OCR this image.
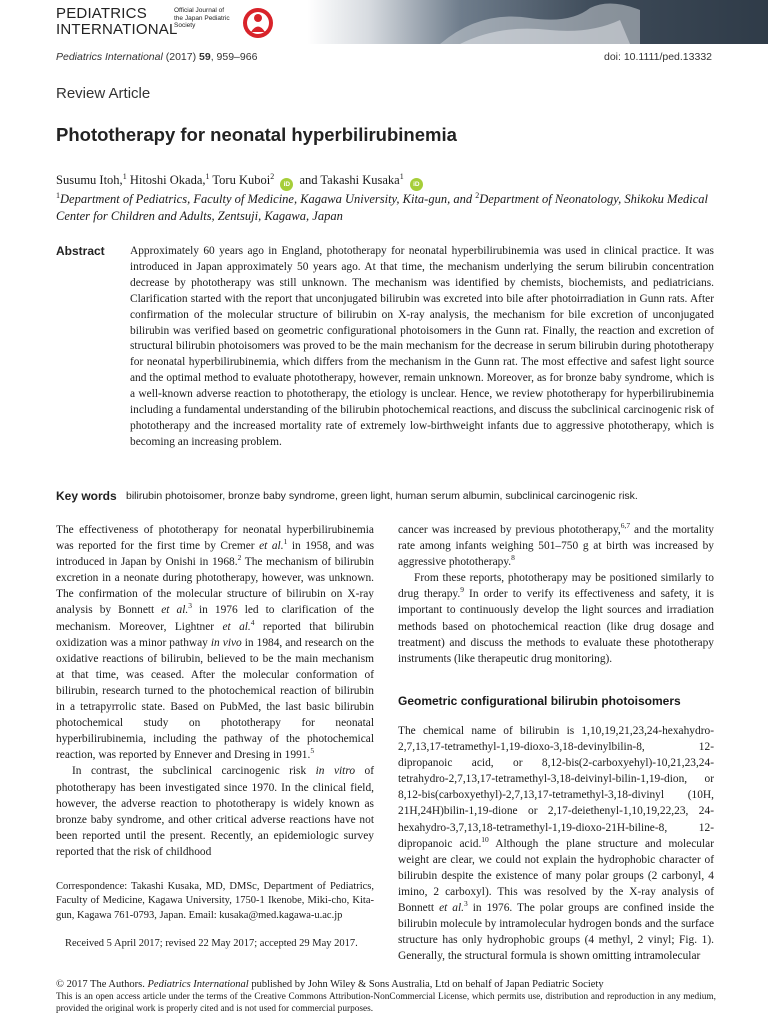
PEDIATRICS
INTERNATIONAL
Official Journal of the Japan Pediatric Society
Pediatrics International (2017) 59, 959–966	doi: 10.1111/ped.13332
Review Article
Phototherapy for neonatal hyperbilirubinemia
Susumu Itoh,$^1$ Hitoshi Okada,$^1$ Toru Kuboi$^2$ iD and Takashi Kusaka$^1$ iD
$^1$Department of Pediatrics, Faculty of Medicine, Kagawa University, Kita-gun, and $^2$Department of Neonatology, Shikoku Medical Center for Children and Adults, Zentsuji, Kagawa, Japan
Abstract Approximately 60 years ago in England, phototherapy for neonatal hyperbilirubinemia was used in clinical practice. It was introduced in Japan approximately 50 years ago. At that time, the mechanism underlying the serum bilirubin concentration decrease by phototherapy was still unknown. The mechanism was identified by chemists, biochemists, and pediatricians. Clarification started with the report that unconjugated bilirubin was excreted into bile after photoirradiation in Gunn rats. After confirmation of the molecular structure of bilirubin on X-ray analysis, the mechanism for bile excretion of unconjugated bilirubin was verified based on geometric configurational photoisomers in the Gunn rat. Finally, the reaction and excretion of structural bilirubin photoisomers was proved to be the main mechanism for the decrease in serum bilirubin during phototherapy for neonatal hyperbilirubinemia, which differs from the mechanism in the Gunn rat. The most effective and safest light source and the optimal method to evaluate phototherapy, however, remain unknown. Moreover, as for bronze baby syndrome, which is a well-known adverse reaction to phototherapy, the etiology is unclear. Hence, we review phototherapy for hyperbilirubinemia including a fundamental understanding of the bilirubin photochemical reactions, and discuss the subclinical carcinogenic risk of phototherapy and the increased mortality rate of extremely low-birthweight infants due to aggressive phototherapy, which is becoming an increasing problem.
Key words bilirubin photoisomer, bronze baby syndrome, green light, human serum albumin, subclinical carcinogenic risk.

The effectiveness of phototherapy for neonatal hyperbilirubinemia was reported for the first time by Cremer et al.$^1$ in 1958, and was introduced in Japan by Onishi in 1968.$^2$ The mechanism of bilirubin excretion in a neonate during phototherapy, however, was unknown. The confirmation of the molecular structure of bilirubin on X-ray analysis by Bonnett et al.$^3$ in 1976 led to clarification of the mechanism. Moreover, Lightner et al.$^4$ reported that bilirubin oxidization was a minor pathway in vivo in 1984, and research on the oxidative reactions of bilirubin, believed to be the main mechanism at that time, was ceased. After the molecular conformation of bilirubin, research turned to the photochemical reaction of bilirubin in a tetrapyrrolic state. Based on PubMed, the last basic bilirubin photochemical study on phototherapy for neonatal hyperbilirubinemia, including the pathway of the photochemical reaction, was reported by Ennever and Dresing in 1991.$^5$

In contrast, the subclinical carcinogenic risk in vitro of phototherapy has been investigated since 1970. In the clinical field, however, the adverse reaction to phototherapy is widely known as bronze baby syndrome, and other critical adverse reactions have not been reported until the present. Recently, an epidemiologic survey reported that the risk of childhood

Correspondence: Takashi Kusaka, MD, DMSc, Department of Pediatrics, Faculty of Medicine, Kagawa University, 1750-1 Ikenobe, Miki-cho, Kita-gun, Kagawa 761-0793, Japan. Email: kusaka@med.kagawa-u.ac.jp
Received 5 April 2017; revised 22 May 2017; accepted 29 May 2017.

cancer was increased by previous phototherapy,$^{6,7}$ and the mortality rate among infants weighing 501–750 g at birth was increased by aggressive phototherapy.$^8$

From these reports, phototherapy may be positioned similarly to drug therapy.$^9$ In order to verify its effectiveness and safety, it is important to continuously develop the light sources and irradiation methods based on photochemical reaction (like drug dosage and treatment) and discuss the methods to evaluate these phototherapy instruments (like therapeutic drug monitoring).

Geometric configurational bilirubin photoisomers

The chemical name of bilirubin is 1,10,19,21,23,24-hexahydro-2,7,13,17-tetramethyl-1,19-dioxo-3,18-devinylbilin-8, 12-dipropanoic acid, or 8,12-bis(2-carboxyehyl)-10,21,23,24-tetrahydro-2,7,13,17-tetramethyl-3,18-deivinyl-bilin-1,19-dion, or 8,12-bis(carboxyethyl)-2,7,13,17-tetramethyl-3,18-divinyl (10H, 21H,24H)bilin-1,19-dione or 2,17-deiethenyl-1,10,19,22,23, 24-hexahydro-3,7,13,18-tetramethyl-1,19-dioxo-21H-biline-8, 12-dipropanoic acid.$^{10}$ Although the plane structure and molecular weight are clear, we could not explain the hydrophobic character of bilirubin despite the existence of many polar groups (2 carbonyl, 4 imino, 2 carboxyl). This was resolved by the X-ray analysis of Bonnett et al.$^3$ in 1976. The polar groups are confined inside the bilirubin molecule by intramolecular hydrogen bonds and the surface structure has only hydrophobic groups (4 methyl, 2 vinyl; Fig. 1). Generally, the structural formula is shown omitting intramolecular

© 2017 The Authors. Pediatrics International published by John Wiley & Sons Australia, Ltd on behalf of Japan Pediatric Society
This is an open access article under the terms of the Creative Commons Attribution-NonCommercial License, which permits use, distribution and reproduction in any medium, provided the original work is properly cited and is not used for commercial purposes.
